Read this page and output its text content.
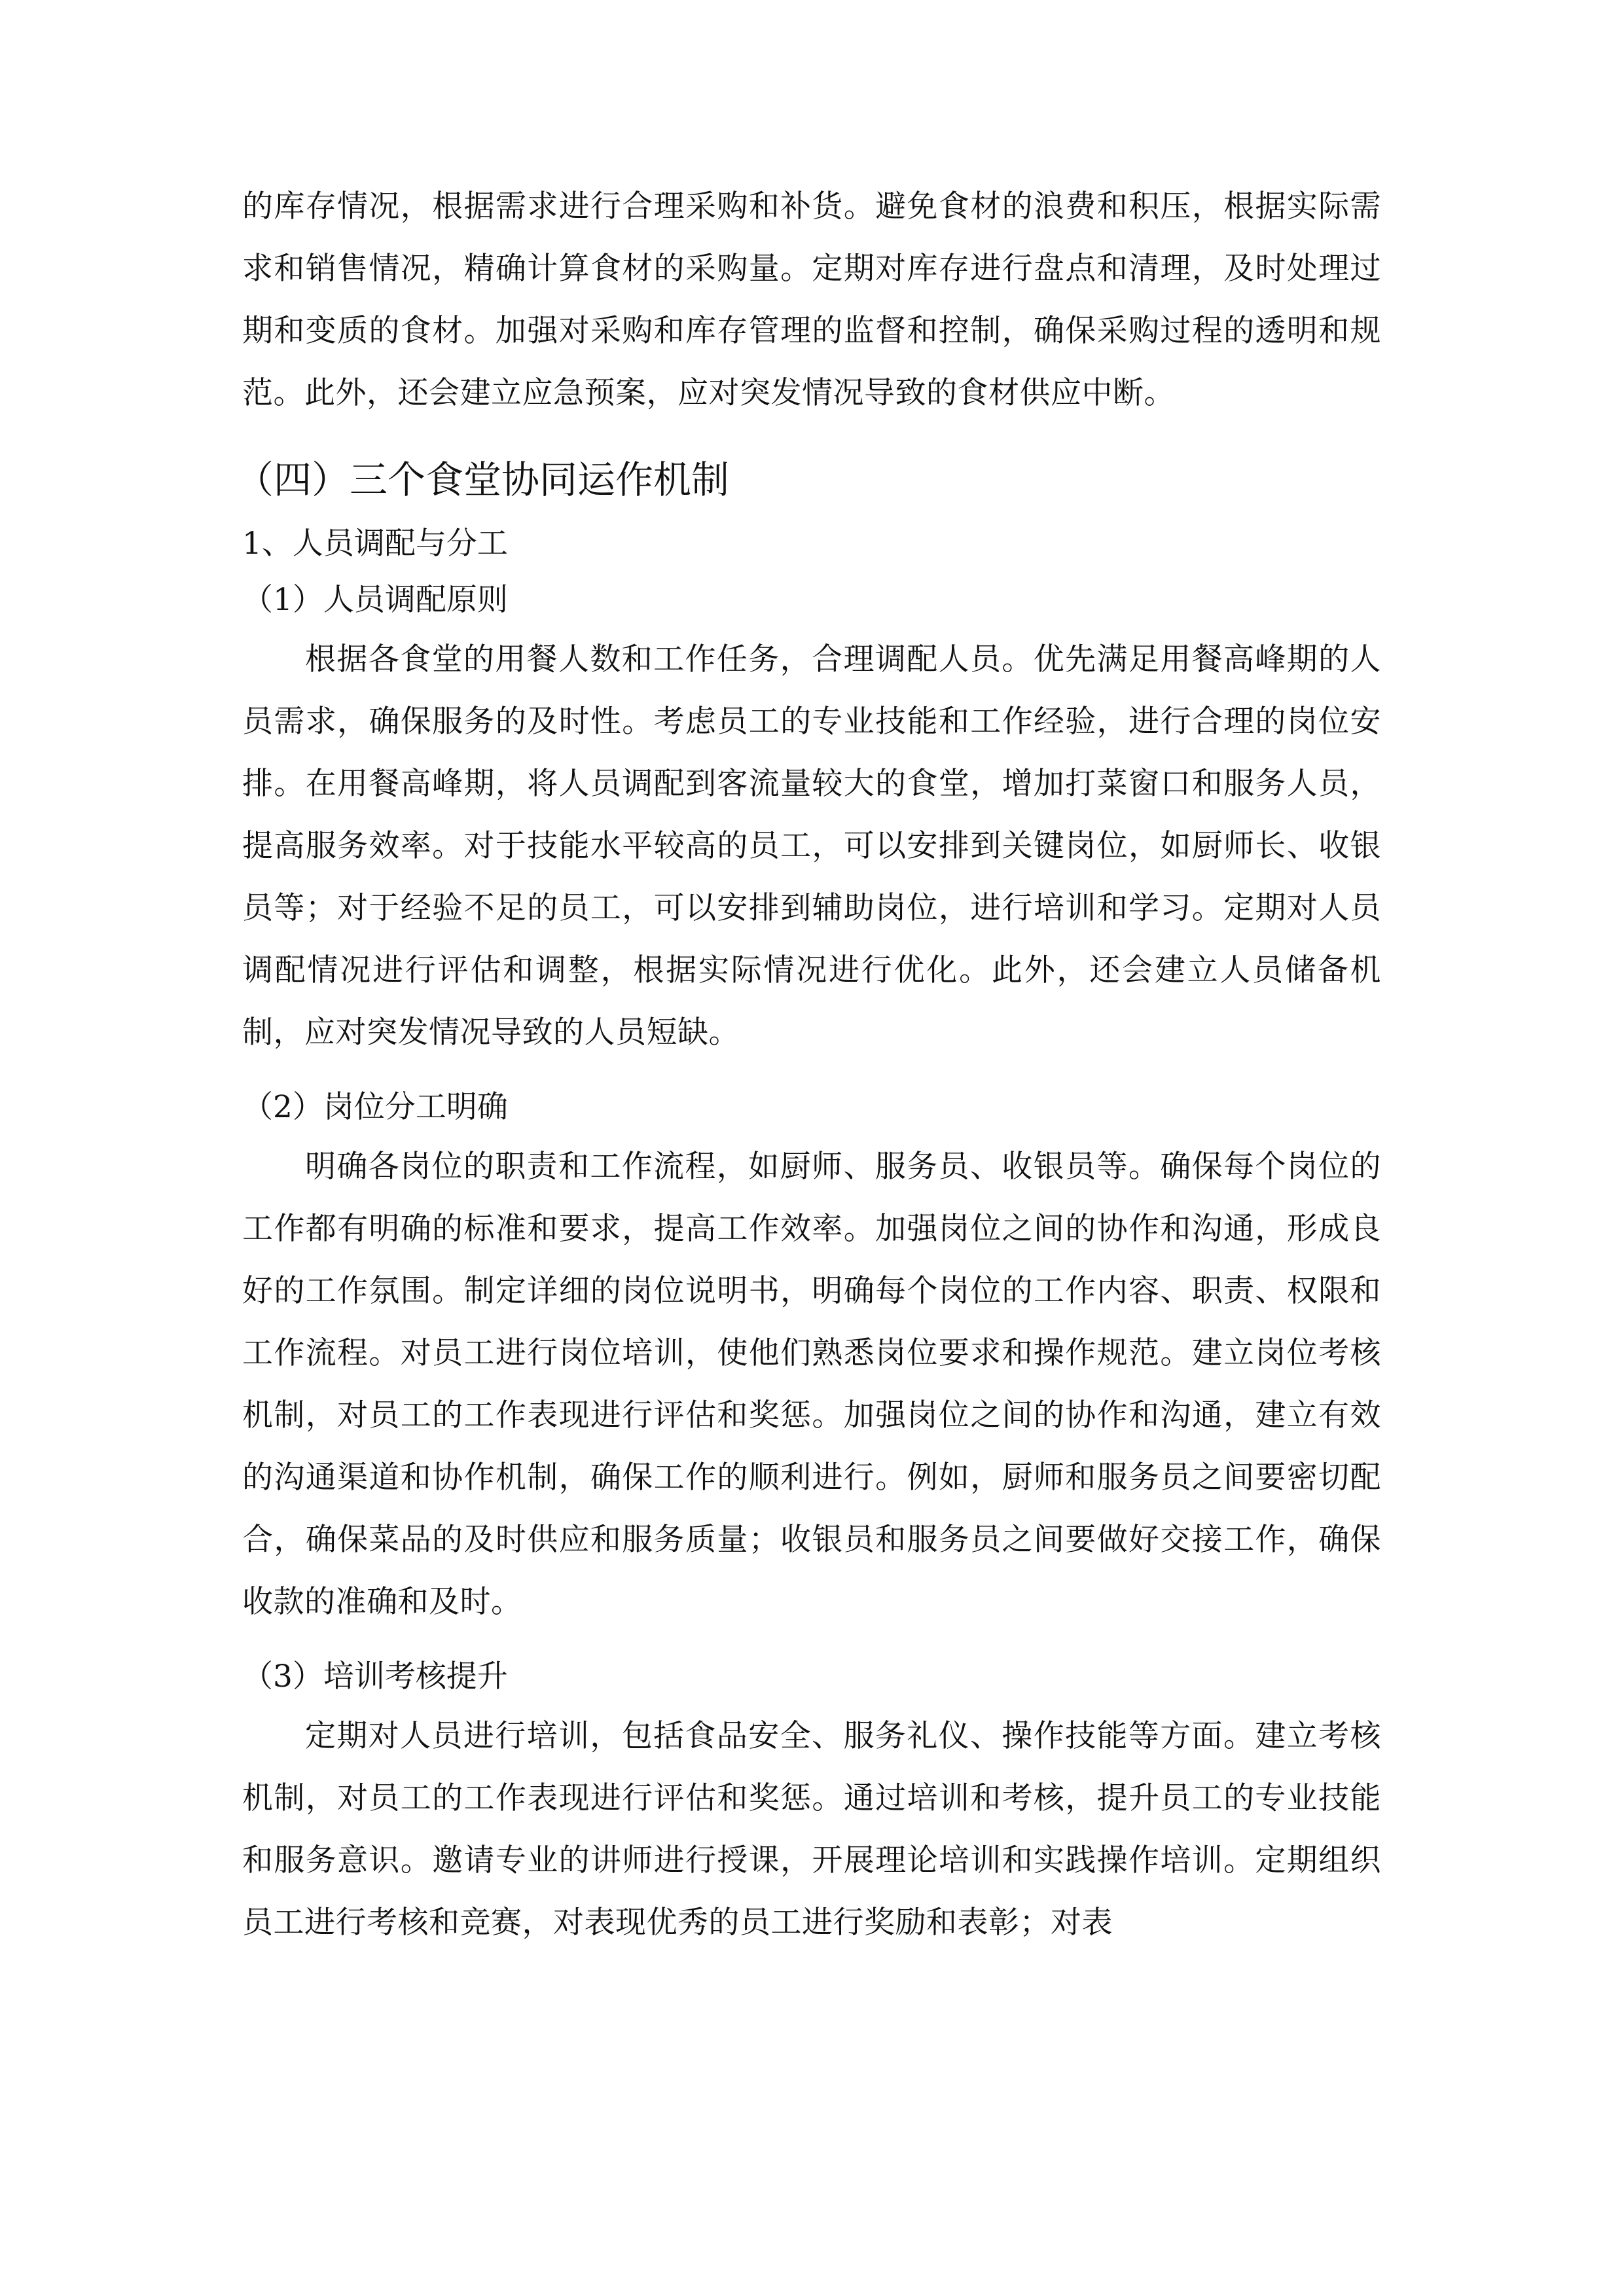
的库存情况，根据需求进行合理采购和补货。避免食材的浪费和积压，根据实际需求和销售情况，精确计算食材的采购量。定期对库存进行盘点和清理，及时处理过期和变质的食材。加强对采购和库存管理的监督和控制，确保采购过程的透明和规范。此外，还会建立应急预案，应对突发情况导致的食材供应中断。

（四）三个食堂协同运作机制
1、人员调配与分工
（1）人员调配原则

根据各食堂的用餐人数和工作任务，合理调配人员。优先满足用餐高峰期的人员需求，确保服务的及时性。考虑员工的专业技能和工作经验，进行合理的岗位安排。在用餐高峰期，将人员调配到客流量较大的食堂，增加打菜窗口和服务人员，提高服务效率。对于技能水平较高的员工，可以安排到关键岗位，如厨师长、收银员等；对于经验不足的员工，可以安排到辅助岗位，进行培训和学习。定期对人员调配情况进行评估和调整，根据实际情况进行优化。此外，还会建立人员储备机制，应对突发情况导致的人员短缺。

（2）岗位分工明确

明确各岗位的职责和工作流程，如厨师、服务员、收银员等。确保每个岗位的工作都有明确的标准和要求，提高工作效率。加强岗位之间的协作和沟通，形成良好的工作氛围。制定详细的岗位说明书，明确每个岗位的工作内容、职责、权限和工作流程。对员工进行岗位培训，使他们熟悉岗位要求和操作规范。建立岗位考核机制，对员工的工作表现进行评估和奖惩。加强岗位之间的协作和沟通，建立有效的沟通渠道和协作机制，确保工作的顺利进行。例如，厨师和服务员之间要密切配合，确保菜品的及时供应和服务质量；收银员和服务员之间要做好交接工作，确保收款的准确和及时。

（3）培训考核提升

定期对人员进行培训，包括食品安全、服务礼仪、操作技能等方面。建立考核机制，对员工的工作表现进行评估和奖惩。通过培训和考核，提升员工的专业技能和服务意识。邀请专业的讲师进行授课，开展理论培训和实践操作培训。定期组织员工进行考核和竞赛，对表现优秀的员工进行奖励和表彰；对表
